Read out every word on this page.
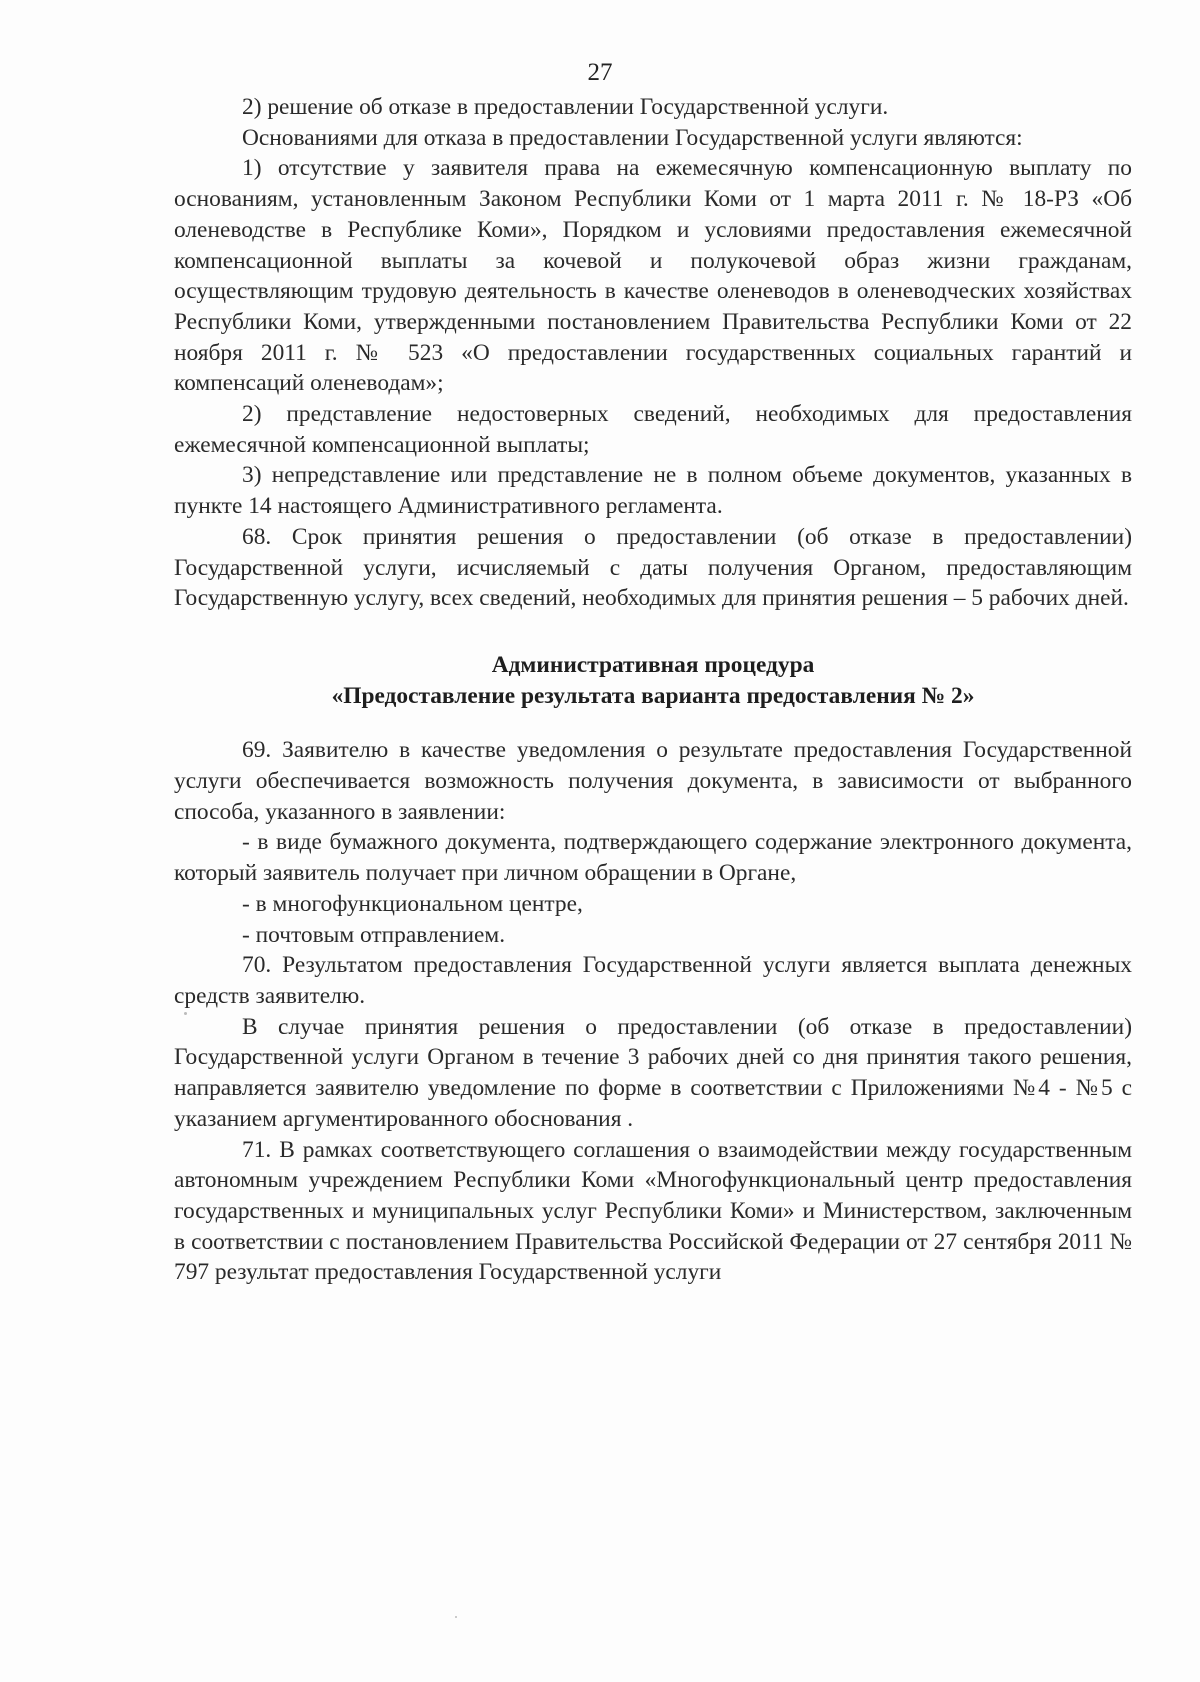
27

2) решение об отказе в предоставлении Государственной услуги.

Основаниями для отказа в предоставлении Государственной услуги являются:

1) отсутствие у заявителя права на ежемесячную компенсационную выплату по основаниям, установленным Законом Республики Коми от 1 марта 2011 г. № 18-РЗ «Об оленеводстве в Республике Коми», Порядком и условиями предоставления ежемесячной компенсационной выплаты за кочевой и полукочевой образ жизни гражданам, осуществляющим трудовую деятельность в качестве оленеводов в оленеводческих хозяйствах Республики Коми, утвержденными постановлением Правительства Республики Коми от 22 ноября 2011 г. № 523 «О предоставлении государственных социальных гарантий и компенсаций оленеводам»;

2) представление недостоверных сведений, необходимых для предоставления ежемесячной компенсационной выплаты;

3) непредставление или представление не в полном объеме документов, указанных в пункте 14 настоящего Административного регламента.

68. Срок принятия решения о предоставлении (об отказе в предоставлении) Государственной услуги, исчисляемый с даты получения Органом, предоставляющим Государственную услугу, всех сведений, необходимых для принятия решения – 5 рабочих дней.

Административная процедура

«Предоставление результата варианта предоставления № 2»

69. Заявителю в качестве уведомления о результате предоставления Государственной услуги обеспечивается возможность получения документа, в зависимости от выбранного способа, указанного в заявлении:

- в виде бумажного документа, подтверждающего содержание электронного документа, который заявитель получает при личном обращении в Органе,

- в многофункциональном центре,

- почтовым отправлением.

70. Результатом предоставления Государственной услуги является выплата денежных средств заявителю.

В случае принятия решения о предоставлении (об отказе в предоставлении) Государственной услуги Органом в течение 3 рабочих дней со дня принятия такого решения, направляется заявителю уведомление по форме в соответствии с Приложениями №4 - №5 с указанием аргументированного обоснования .

71. В рамках соответствующего соглашения о взаимодействии между государственным автономным учреждением Республики Коми «Многофункциональный центр предоставления государственных и муниципальных услуг Республики Коми» и Министерством, заключенным в соответствии с постановлением Правительства Российской Федерации от 27 сентября 2011 № 797 результат предоставления Государственной услуги
